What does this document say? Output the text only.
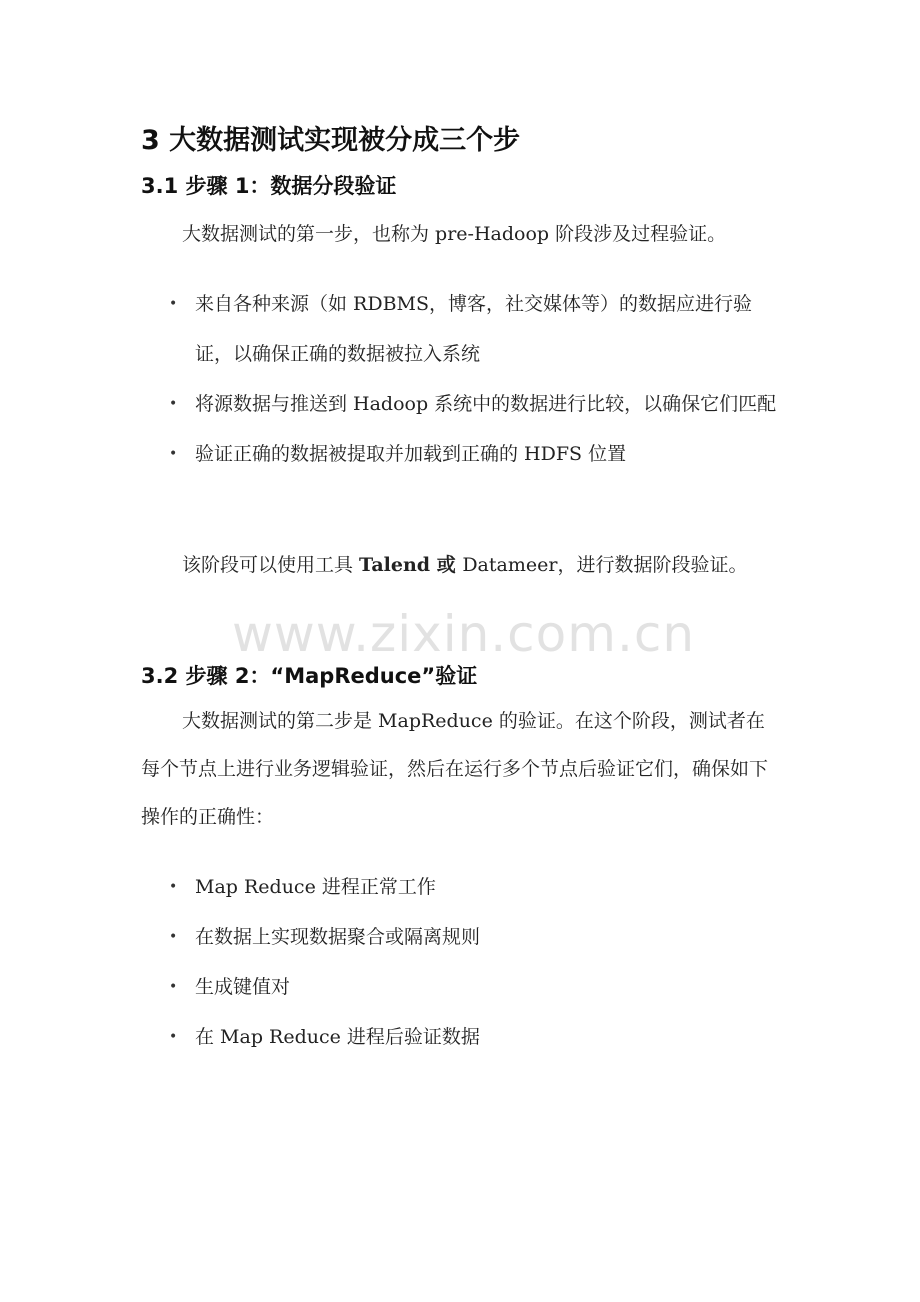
3 大数据测试实现被分成三个步
3.1 步骤 1：数据分段验证

大数据测试的第一步，也称为 pre-Hadoop 阶段涉及过程验证。

• 来自各种来源（如 RDBMS，博客，社交媒体等）的数据应进行验证，以确保正确的数据被拉入系统
• 将源数据与推送到 Hadoop 系统中的数据进行比较，以确保它们匹配
• 验证正确的数据被提取并加载到正确的 HDFS 位置

该阶段可以使用工具 Talend 或 Datameer，进行数据阶段验证。

www.zixin.com.cn
3.2 步骤 2：“MapReduce”验证

大数据测试的第二步是 MapReduce 的验证。在这个阶段，测试者在每个节点上进行业务逻辑验证，然后在运行多个节点后验证它们，确保如下操作的正确性：

• Map Reduce 进程正常工作
• 在数据上实现数据聚合或隔离规则
• 生成键值对
• 在 Map Reduce 进程后验证数据
